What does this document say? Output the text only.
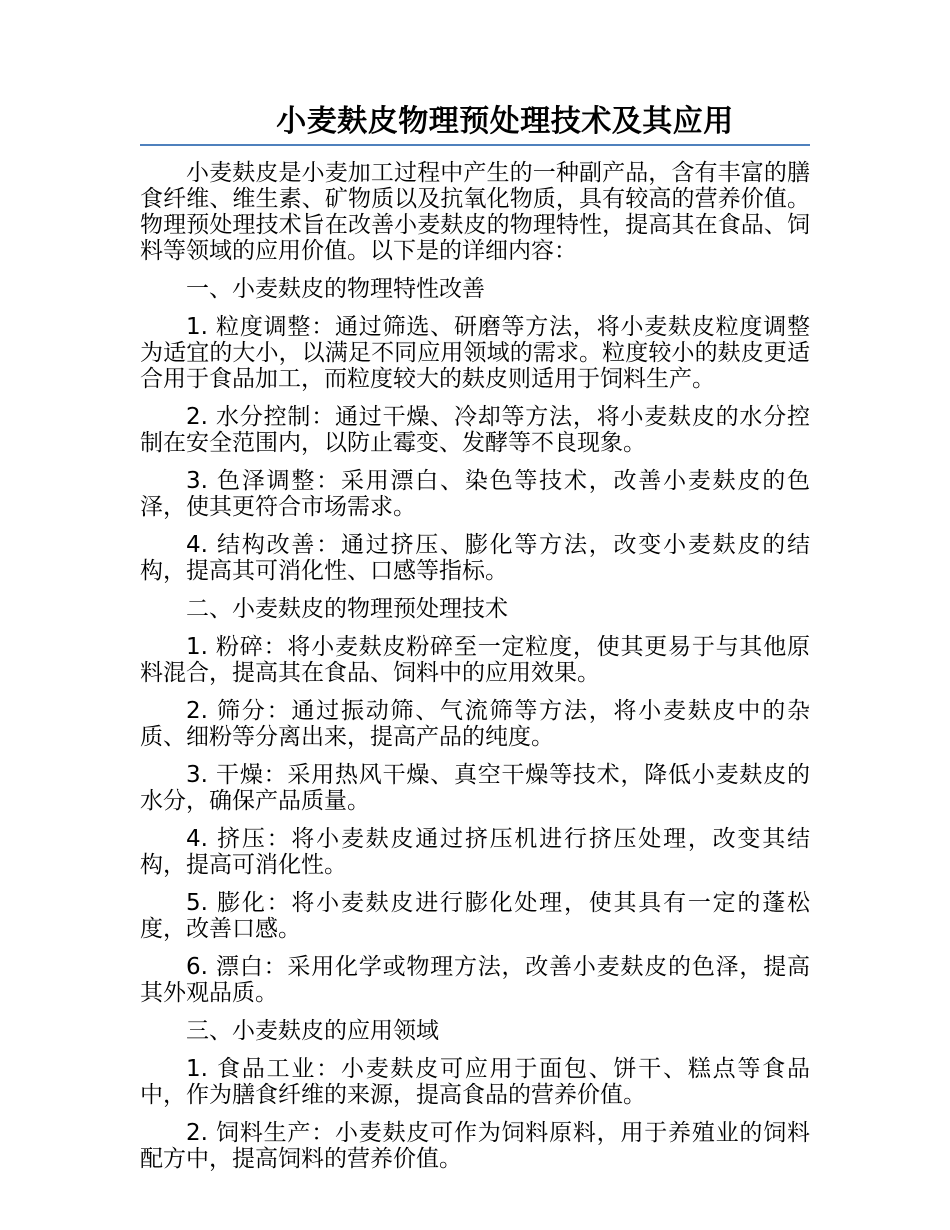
小麦麸皮物理预处理技术及其应用

小麦麸皮是小麦加工过程中产生的一种副产品，含有丰富的膳食纤维、维生素、矿物质以及抗氧化物质，具有较高的营养价值。物理预处理技术旨在改善小麦麸皮的物理特性，提高其在食品、饲料等领域的应用价值。以下是的详细内容：

一、小麦麸皮的物理特性改善

1. 粒度调整：通过筛选、研磨等方法，将小麦麸皮粒度调整为适宜的大小，以满足不同应用领域的需求。粒度较小的麸皮更适合用于食品加工，而粒度较大的麸皮则适用于饲料生产。

2. 水分控制：通过干燥、冷却等方法，将小麦麸皮的水分控制在安全范围内，以防止霉变、发酵等不良现象。

3. 色泽调整：采用漂白、染色等技术，改善小麦麸皮的色泽，使其更符合市场需求。

4. 结构改善：通过挤压、膨化等方法，改变小麦麸皮的结构，提高其可消化性、口感等指标。

二、小麦麸皮的物理预处理技术

1. 粉碎：将小麦麸皮粉碎至一定粒度，使其更易于与其他原料混合，提高其在食品、饲料中的应用效果。

2. 筛分：通过振动筛、气流筛等方法，将小麦麸皮中的杂质、细粉等分离出来，提高产品的纯度。

3. 干燥：采用热风干燥、真空干燥等技术，降低小麦麸皮的水分，确保产品质量。

4. 挤压：将小麦麸皮通过挤压机进行挤压处理，改变其结构，提高可消化性。

5. 膨化：将小麦麸皮进行膨化处理，使其具有一定的蓬松度，改善口感。

6. 漂白：采用化学或物理方法，改善小麦麸皮的色泽，提高其外观品质。

三、小麦麸皮的应用领域

1. 食品工业：小麦麸皮可应用于面包、饼干、糕点等食品中，作为膳食纤维的来源，提高食品的营养价值。

2. 饲料生产：小麦麸皮可作为饲料原料，用于养殖业的饲料配方中，提高饲料的营养价值。
